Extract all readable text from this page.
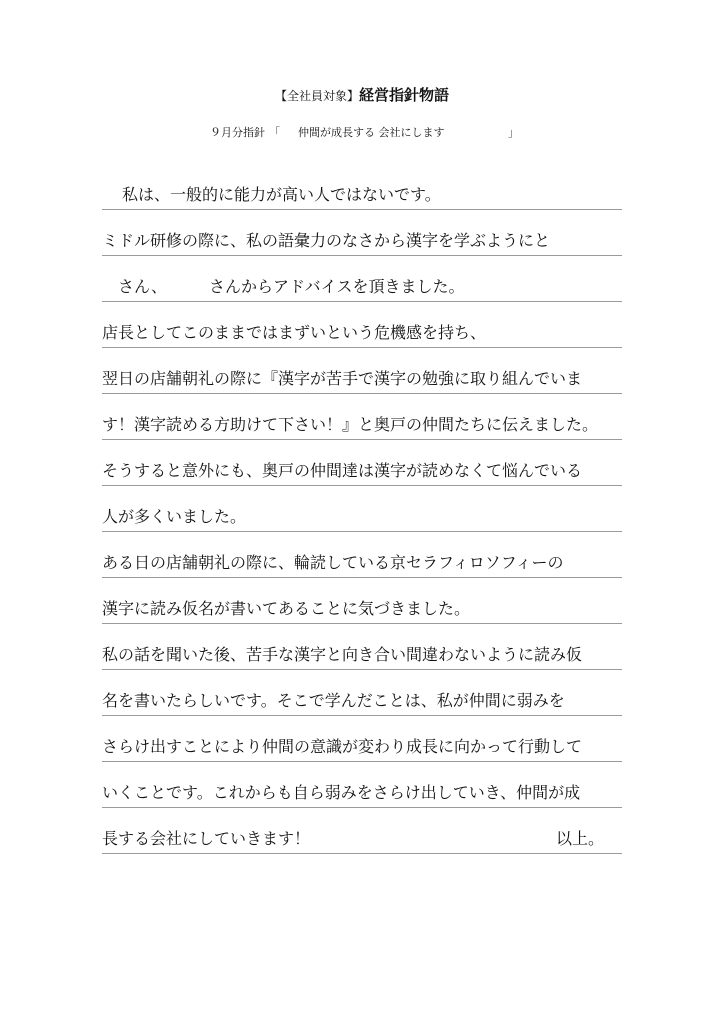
【全社員対象】経営指針物語
９月分指針 「 仲間が成長する 会社にします	」
私は、一般的に能力が高い人ではないです。
ミドル研修の際に、私の語彙力のなさから漢字を学ぶようにと
さん、	さんからアドバイスを頂きました。
店長としてこのままではまずいという危機感を持ち、
翌日の店舗朝礼の際に『漢字が苦手で漢字の勉強に取り組んでいま
す！漢字読める方助けて下さい！』と奥戸の仲間たちに伝えました。
そうすると意外にも、奥戸の仲間達は漢字が読めなくて悩んでいる
人が多くいました。
ある日の店舗朝礼の際に、輪読している京セラフィロソフィーの
漢字に読み仮名が書いてあることに気づきました。
私の話を聞いた後、苦手な漢字と向き合い間違わないように読み仮
名を書いたらしいです。そこで学んだことは、私が仲間に弱みを
さらけ出すことにより仲間の意識が変わり成長に向かって行動して
いくことです。これからも自ら弱みをさらけ出していき、仲間が成
長する会社にしていきます！	以上。
